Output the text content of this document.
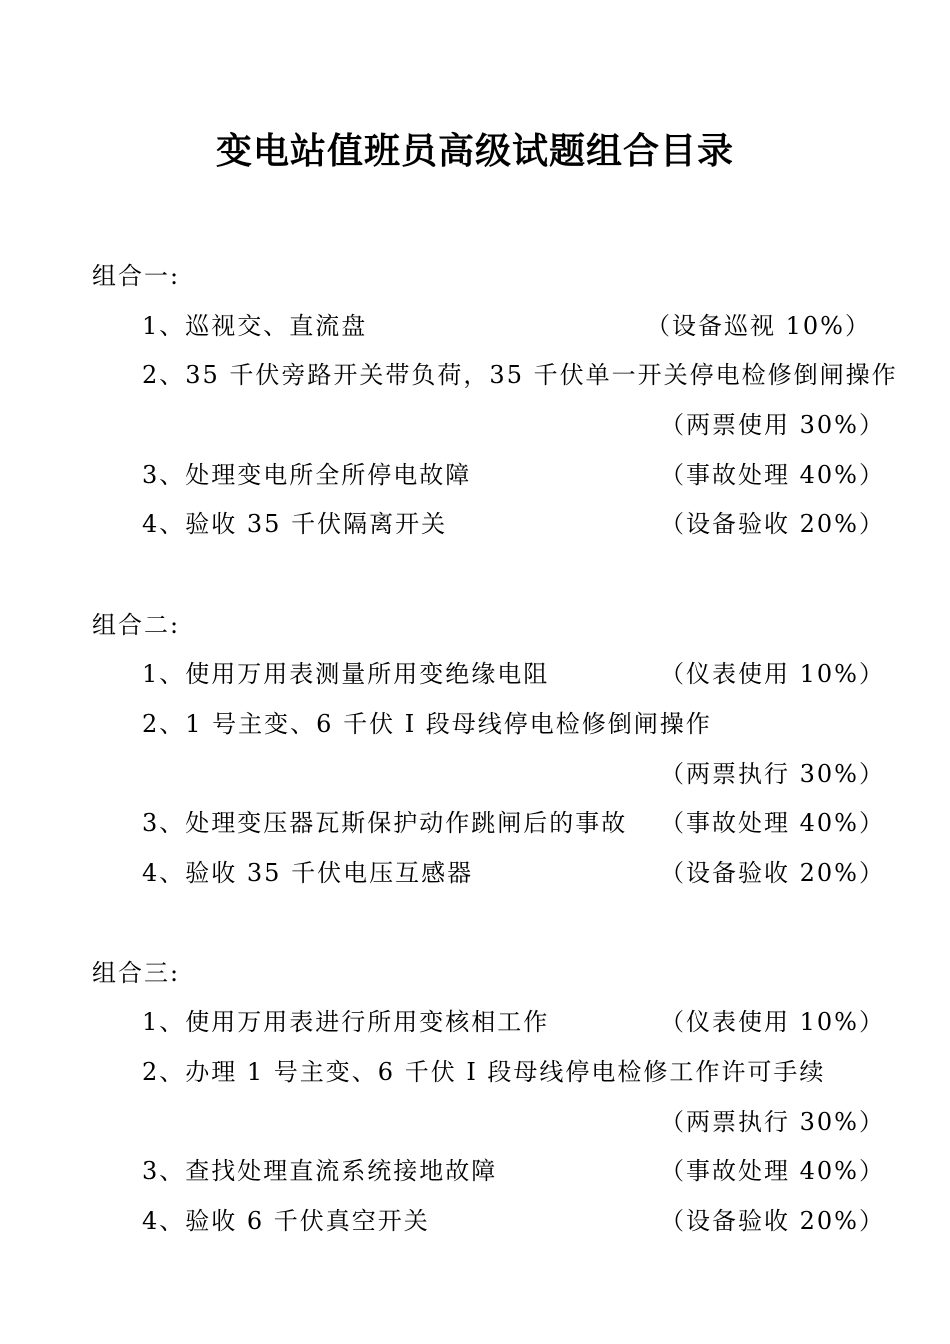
变电站值班员高级试题组合目录
组合一:
1、巡视交、直流盘	（设备巡视 10%）
2、35 千伏旁路开关带负荷，35 千伏单一开关停电检修倒闸操作
（两票使用 30%）
3、处理变电所全所停电故障	（事故处理 40%）
4、验收 35 千伏隔离开关	（设备验收 20%）
组合二:
1、使用万用表测量所用变绝缘电阻	（仪表使用 10%）
2、1 号主变、6 千伏 I 段母线停电检修倒闸操作
（两票执行 30%）
3、处理变压器瓦斯保护动作跳闸后的事故 （事故处理 40%）
4、验收 35 千伏电压互感器	（设备验收 20%）
组合三:
1、使用万用表进行所用变核相工作	（仪表使用 10%）
2、办理 1 号主变、6 千伏 I 段母线停电检修工作许可手续
（两票执行 30%）
3、查找处理直流系统接地故障	（事故处理 40%）
4、验收 6 千伏真空开关	（设备验收 20%）
